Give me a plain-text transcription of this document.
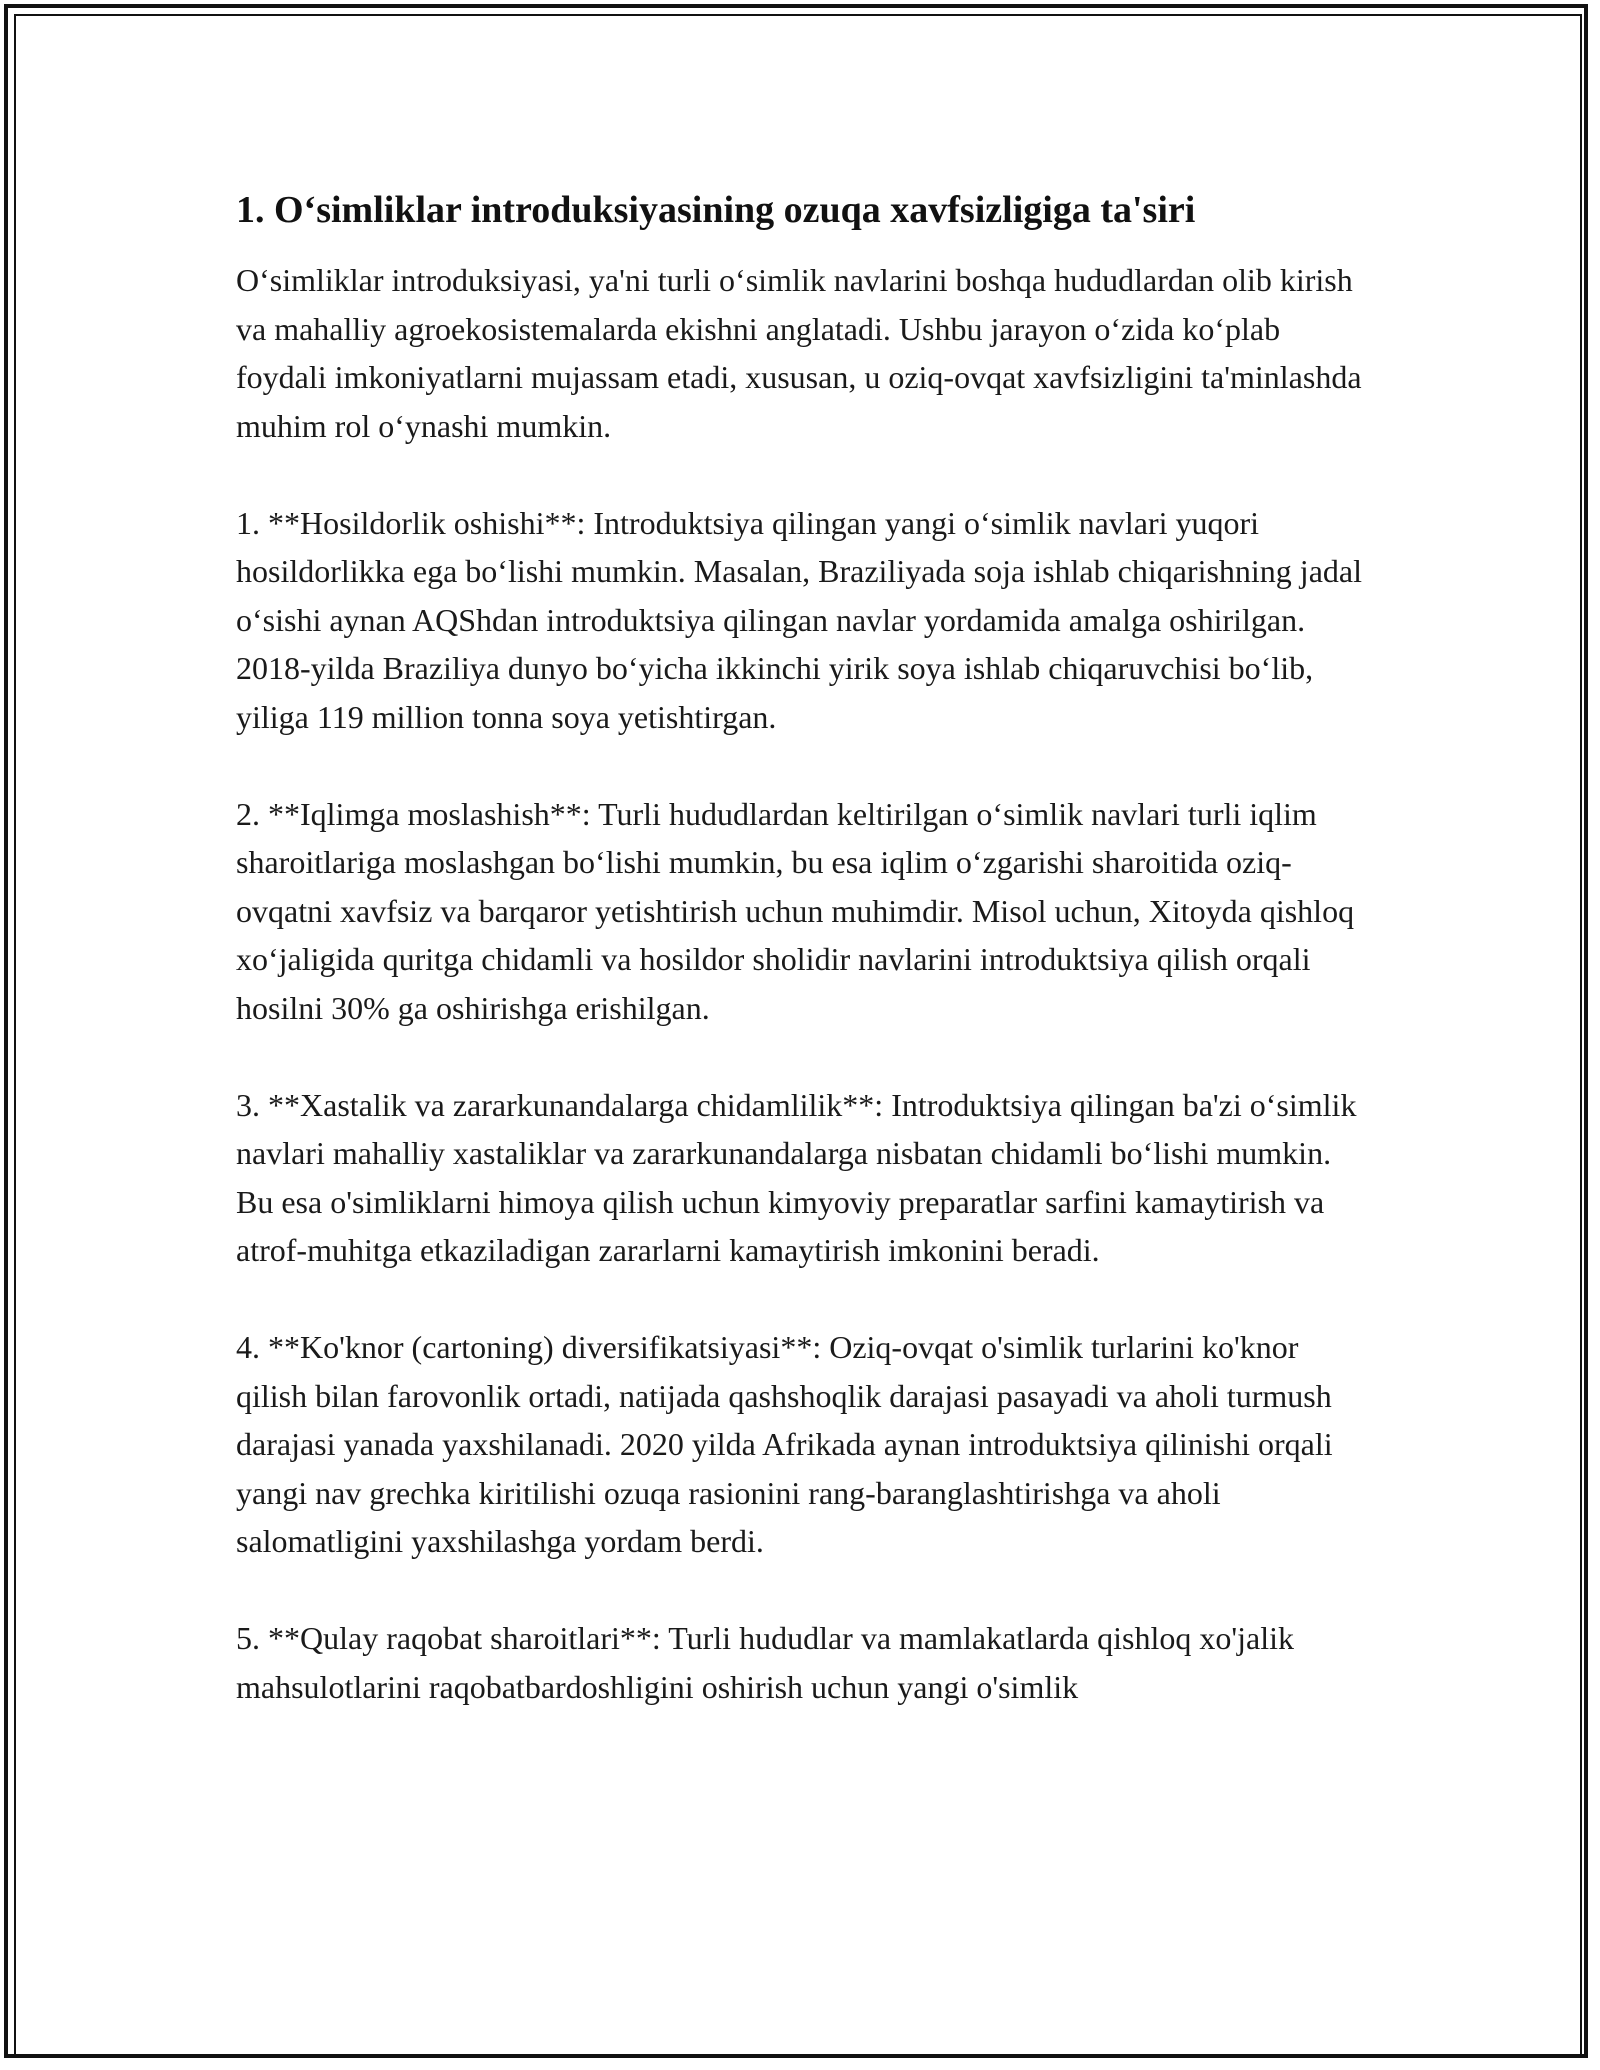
1. O‘simliklar introduksiyasining ozuqa xavfsizligiga ta'siri

O‘simliklar introduksiyasi, ya'ni turli o‘simlik navlarini boshqa hududlardan olib kirish va mahalliy agroekosistemalarda ekishni anglatadi. Ushbu jarayon o‘zida ko‘plab foydali imkoniyatlarni mujassam etadi, xususan, u oziq-ovqat xavfsizligini ta'minlashda muhim rol o‘ynashi mumkin.

1. **Hosildorlik oshishi**: Introduktsiya qilingan yangi o‘simlik navlari yuqori hosildorlikka ega bo‘lishi mumkin. Masalan, Braziliyada soja ishlab chiqarishning jadal o‘sishi aynan AQShdan introduktsiya qilingan navlar yordamida amalga oshirilgan. 2018-yilda Braziliya dunyo bo‘yicha ikkinchi yirik soya ishlab chiqaruvchisi bo‘lib, yiliga 119 million tonna soya yetishtirgan.

2. **Iqlimga moslashish**: Turli hududlardan keltirilgan o‘simlik navlari turli iqlim sharoitlariga moslashgan bo‘lishi mumkin, bu esa iqlim o‘zgarishi sharoitida oziq-ovqatni xavfsiz va barqaror yetishtirish uchun muhimdir. Misol uchun, Xitoyda qishloq xo‘jaligida quritga chidamli va hosildor sholidir navlarini introduktsiya qilish orqali hosilni 30% ga oshirishga erishilgan.

3. **Xastalik va zararkunandalarga chidamlilik**: Introduktsiya qilingan ba'zi o‘simlik navlari mahalliy xastaliklar va zararkunandalarga nisbatan chidamli bo‘lishi mumkin. Bu esa o'simliklarni himoya qilish uchun kimyoviy preparatlar sarfini kamaytirish va atrof-muhitga etkaziladigan zararlarni kamaytirish imkonini beradi.

4. **Ko'knor (cartoning) diversifikatsiyasi**: Oziq-ovqat o'simlik turlarini ko'knor qilish bilan farovonlik ortadi, natijada qashshoqlik darajasi pasayadi va aholi turmush darajasi yanada yaxshilanadi. 2020 yilda Afrikada aynan introduktsiya qilinishi orqali yangi nav grechka kiritilishi ozuqa rasionini rang-baranglashtirishga va aholi salomatligini yaxshilashga yordam berdi.

5. **Qulay raqobat sharoitlari**: Turli hududlar va mamlakatlarda qishloq xo'jalik mahsulotlarini raqobatbardoshligini oshirish uchun yangi o'simlik
